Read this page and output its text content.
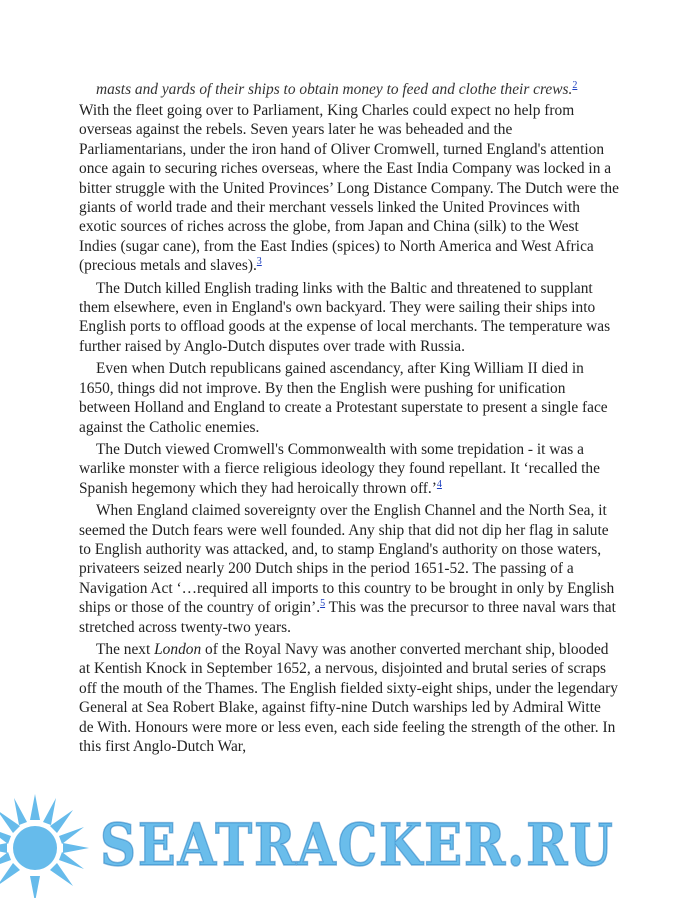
masts and yards of their ships to obtain money to feed and clothe their crews.$^2$

With the fleet going over to Parliament, King Charles could expect no help from overseas against the rebels. Seven years later he was beheaded and the Parliamentarians, under the iron hand of Oliver Cromwell, turned England's attention once again to securing riches overseas, where the East India Company was locked in a bitter struggle with the United Provinces’ Long Distance Company. The Dutch were the giants of world trade and their merchant vessels linked the United Provinces with exotic sources of riches across the globe, from Japan and China (silk) to the West Indies (sugar cane), from the East Indies (spices) to North America and West Africa (precious metals and slaves).$^3$

The Dutch killed English trading links with the Baltic and threatened to supplant them elsewhere, even in England's own backyard. They were sailing their ships into English ports to offload goods at the expense of local merchants. The temperature was further raised by Anglo-Dutch disputes over trade with Russia.

Even when Dutch republicans gained ascendancy, after King William II died in 1650, things did not improve. By then the English were pushing for unification between Holland and England to create a Protestant superstate to present a single face against the Catholic enemies.

The Dutch viewed Cromwell's Commonwealth with some trepidation - it was a warlike monster with a fierce religious ideology they found repellant. It ‘recalled the Spanish hegemony which they had heroically thrown off.’$^4$

When England claimed sovereignty over the English Channel and the North Sea, it seemed the Dutch fears were well founded. Any ship that did not dip her flag in salute to English authority was attacked, and, to stamp England's authority on those waters, privateers seized nearly 200 Dutch ships in the period 1651-52. The passing of a Navigation Act ‘…required all imports to this country to be brought in only by English ships or those of the country of origin’.$^5$ This was the precursor to three naval wars that stretched across twenty-two years.

The next London of the Royal Navy was another converted merchant ship, blooded at Kentish Knock in September 1652, a nervous, disjointed and brutal series of scraps off the mouth of the Thames. The English fielded sixty-eight ships, under the legendary General at Sea Robert Blake, against fifty-nine Dutch warships led by Admiral Witte de With. Honours were more or less even, each side feeling the strength of the other. In this first Anglo-Dutch War,

SEATRACKER.RU
